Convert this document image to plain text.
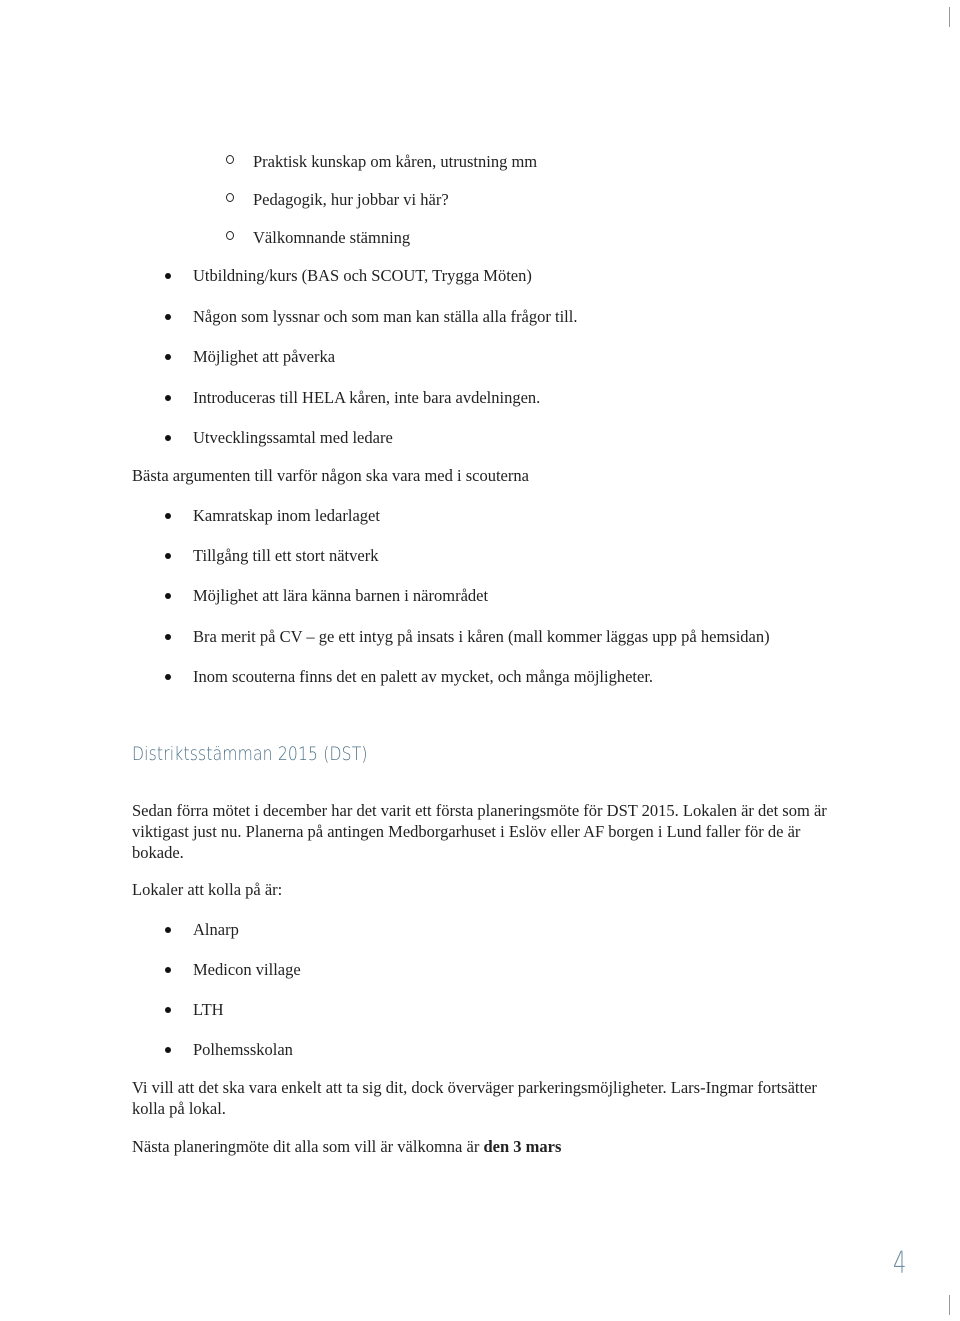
Praktisk kunskap om kåren, utrustning mm
Pedagogik, hur jobbar vi här?
Välkomnande stämning
Utbildning/kurs (BAS och SCOUT, Trygga Möten)
Någon som lyssnar och som man kan ställa alla frågor till.
Möjlighet att påverka
Introduceras till HELA kåren, inte bara avdelningen.
Utvecklingssamtal med ledare
Bästa argumenten till varför någon ska vara med i scouterna
Kamratskap inom ledarlaget
Tillgång till ett stort nätverk
Möjlighet att lära känna barnen i närområdet
Bra merit på CV – ge ett intyg på insats i kåren (mall kommer läggas upp på hemsidan)
Inom scouterna finns det en palett av mycket, och många möjligheter.
Distriktsstämman 2015 (DST)
Sedan förra mötet i december har det varit ett första planeringsmöte för DST 2015. Lokalen är det som är viktigast just nu. Planerna på antingen Medborgarhuset i Eslöv eller AF borgen i Lund faller för de är bokade.
Lokaler att kolla på är:
Alnarp
Medicon village
LTH
Polhemsskolan
Vi vill att det ska vara enkelt att ta sig dit, dock överväger parkeringsmöjligheter. Lars-Ingmar fortsätter kolla på lokal.
Nästa planeringmöte dit alla som vill är välkomna är den 3 mars
4
